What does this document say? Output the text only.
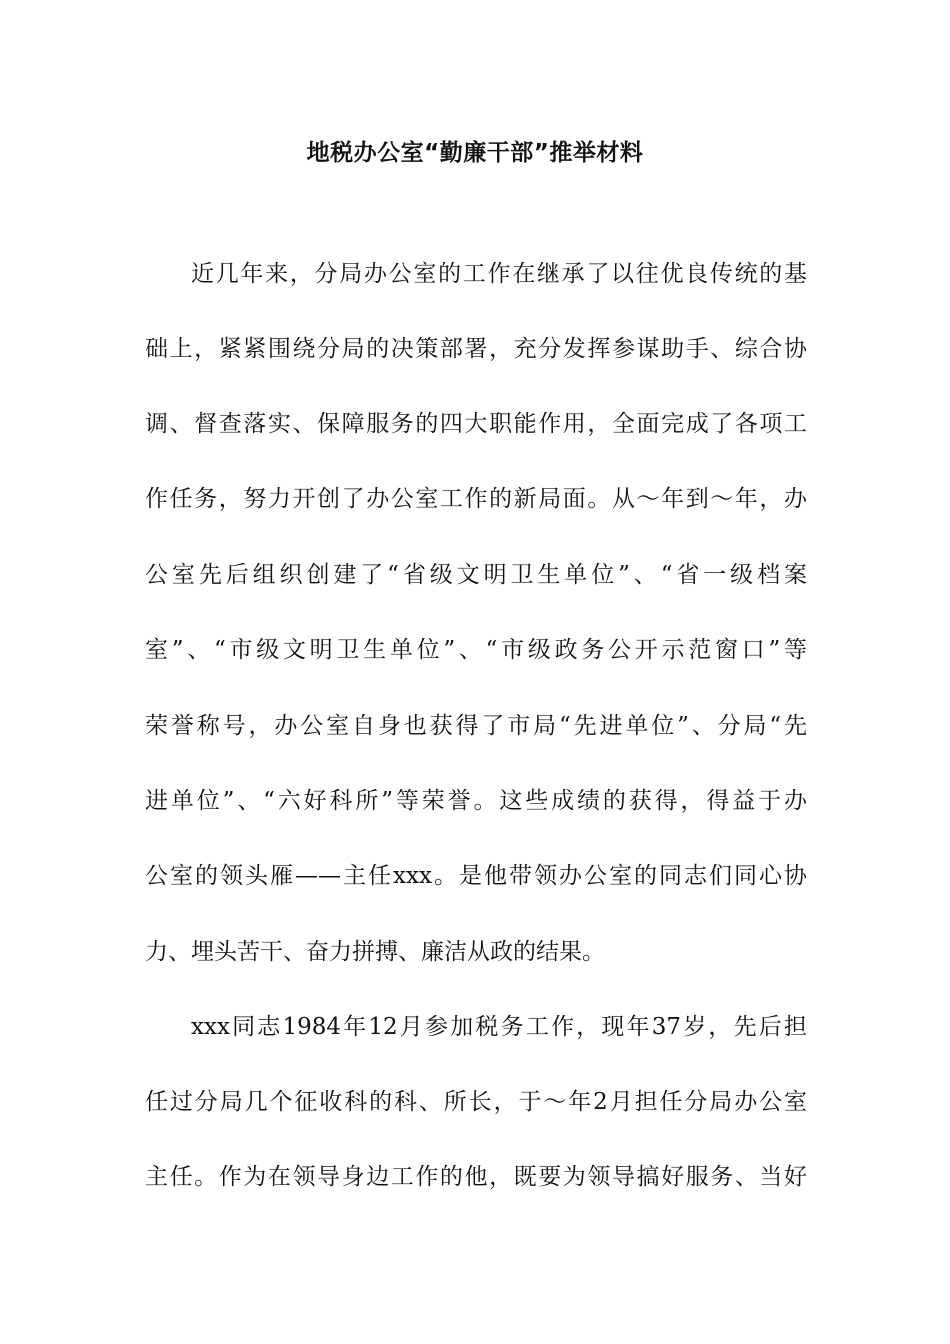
地税办公室“勤廉干部”推举材料
近几年来，分局办公室的工作在继承了以往优良传统的基
础上，紧紧围绕分局的决策部署，充分发挥参谋助手、综合协
调、督查落实、保障服务的四大职能作用，全面完成了各项工
作任务，努力开创了办公室工作的新局面。从～年到～年，办
公室先后组织创建了“省级文明卫生单位”、“省一级档案
室”、“市级文明卫生单位”、“市级政务公开示范窗口”等
荣誉称号，办公室自身也获得了市局“先进单位”、分局“先
进单位”、“六好科所”等荣誉。这些成绩的获得，得益于办
公室的领头雁——主任xxx。是他带领办公室的同志们同心协
力、埋头苦干、奋力拼搏、廉洁从政的结果。
xxx同志1984年12月参加税务工作，现年37岁，先后担
任过分局几个征收科的科、所长，于～年2月担任分局办公室
主任。作为在领导身边工作的他，既要为领导搞好服务、当好
